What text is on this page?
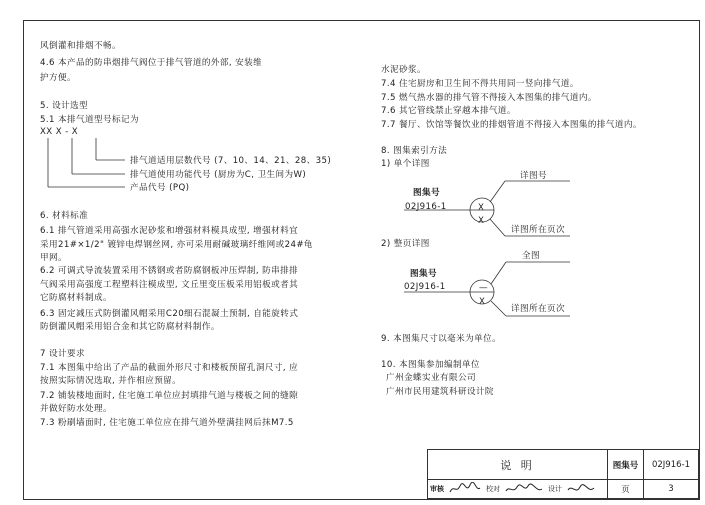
风倒灌和排烟不畅。
4.6 本产品的防串烟排气阀位于排气管道的外部, 安装维
护方便。
5. 设计选型
5.1 本排气道型号标记为
XX X - X
排气道适用层数代号 (7、10、14、21、28、35)
排气道使用功能代号 (厨房为C, 卫生间为W)
产品代号 (PQ)
6. 材料标准
6.1 排气管道采用高强水泥砂浆和增强材料模具成型, 增强材料宜
采用21#×1/2" 镀锌电焊钢丝网, 亦可采用耐碱玻璃纤维网或24#龟
甲网。
6.2 可调式导流装置采用不锈钢或者防腐钢板冲压焊制, 防串排排
气阀采用高强度工程塑料注模成型, 文丘里变压板采用铝板或者其
它防腐材料制成。
6.3 固定减压式防倒灌风帽采用C20细石混凝土预制, 自能旋转式
防倒灌风帽采用铝合金和其它防腐材料制作。
7 设计要求
7.1 本图集中给出了产品的截面外形尺寸和楼板预留孔洞尺寸, 应
按照实际情况选取, 并作相应预留。
7.2 铺装楼地面时, 住宅施工单位应封填排气道与楼板之间的缝隙
并做好防水处理。
7.3 粉刷墙面时, 住宅施工单位应在排气道外壁满挂网后抹M7.5
水泥砂浆。
7.4 住宅厨房和卫生间不得共用同一竖向排气道。
7.5 燃气热水器的排气管不得接入本图集的排气道内。
7.6 其它管线禁止穿越本排气道。
7.7 餐厅、饮馆等餐饮业的排烟管道不得接入本图集的排气道内。
8. 图集索引方法
1) 单个详图
图集号
02J916-1
详图号
X
X
详图所在页次
2) 整页详图
全图
图集号
02J916-1	—
X
详图所在页次
9. 本图集尺寸以毫米为单位。
10. 本图集参加编制单位
广州金蝶实业有限公司
广州市民用建筑科研设计院
说 明	图集号	02J916-1
审核	校对	设计	页	3
